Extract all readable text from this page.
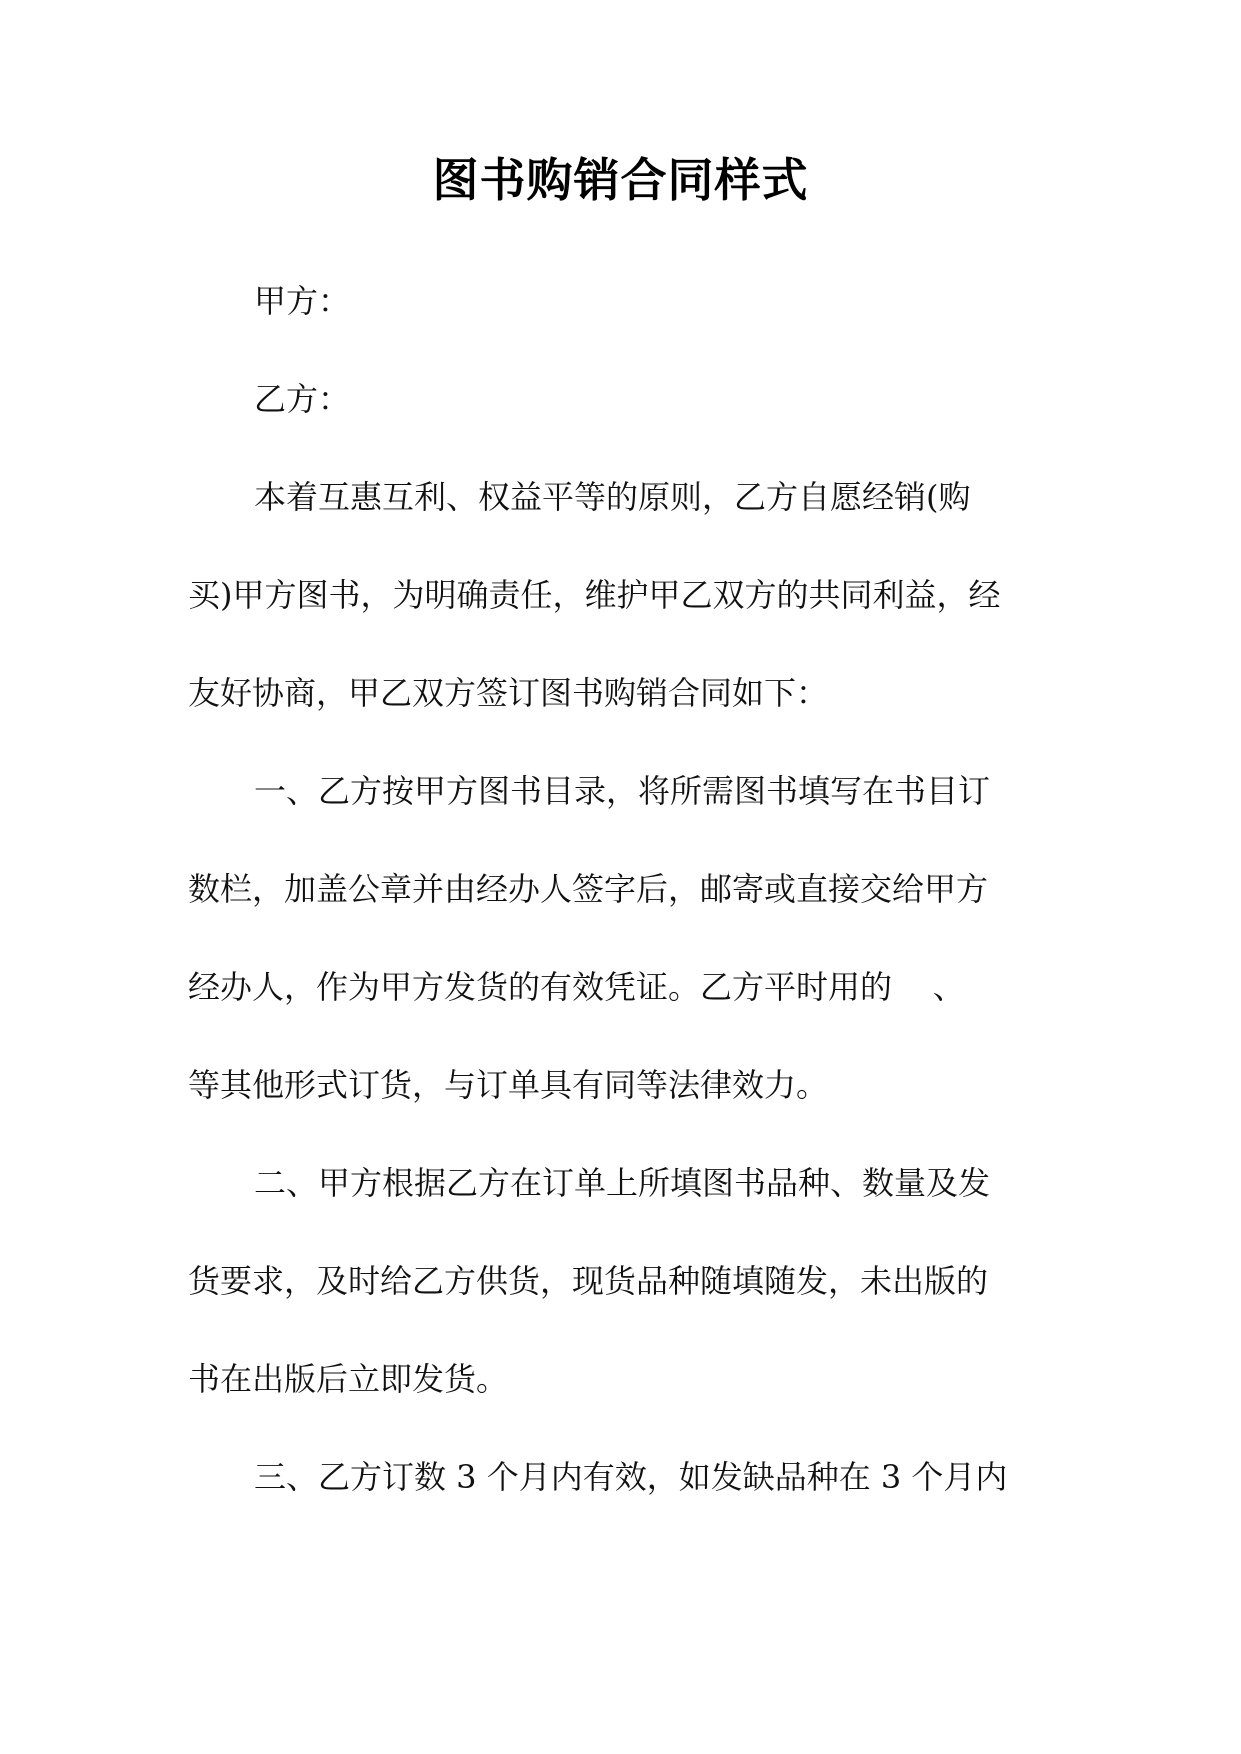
图书购销合同样式
甲方：
乙方：
本着互惠互利、权益平等的原则，乙方自愿经销(购
买)甲方图书，为明确责任，维护甲乙双方的共同利益，经
友好协商，甲乙双方签订图书购销合同如下：
一、乙方按甲方图书目录，将所需图书填写在书目订
数栏，加盖公章并由经办人签字后，邮寄或直接交给甲方
经办人，作为甲方发货的有效凭证。乙方平时用的    、
等其他形式订货，与订单具有同等法律效力。
二、甲方根据乙方在订单上所填图书品种、数量及发
货要求，及时给乙方供货，现货品种随填随发，未出版的
书在出版后立即发货。
三、乙方订数 3 个月内有效，如发缺品种在 3 个月内
